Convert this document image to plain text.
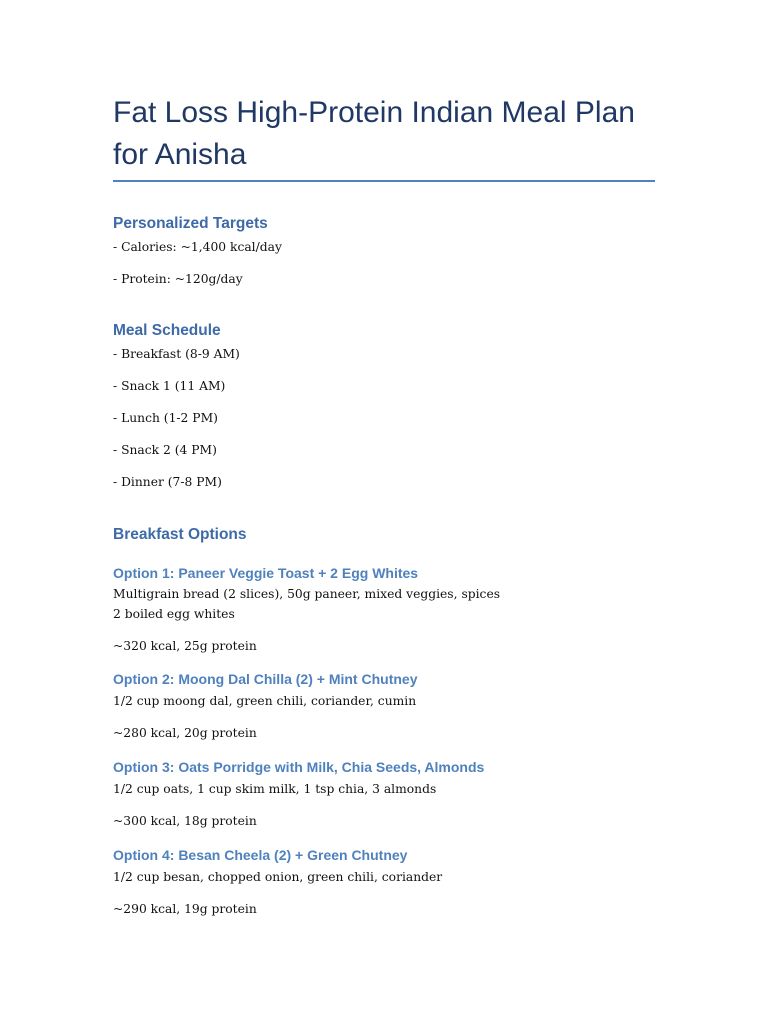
Fat Loss High-Protein Indian Meal Plan for Anisha
Personalized Targets

- Calories: ~1,400 kcal/day

- Protein: ~120g/day

Meal Schedule

- Breakfast (8-9 AM)

- Snack 1 (11 AM)

- Lunch (1-2 PM)

- Snack 2 (4 PM)

- Dinner (7-8 PM)

Breakfast Options
Option 1: Paneer Veggie Toast + 2 Egg Whites

Multigrain bread (2 slices), 50g paneer, mixed veggies, spices

2 boiled egg whites

~320 kcal, 25g protein

Option 2: Moong Dal Chilla (2) + Mint Chutney

1/2 cup moong dal, green chili, coriander, cumin

~280 kcal, 20g protein

Option 3: Oats Porridge with Milk, Chia Seeds, Almonds

1/2 cup oats, 1 cup skim milk, 1 tsp chia, 3 almonds

~300 kcal, 18g protein

Option 4: Besan Cheela (2) + Green Chutney

1/2 cup besan, chopped onion, green chili, coriander

~290 kcal, 19g protein
